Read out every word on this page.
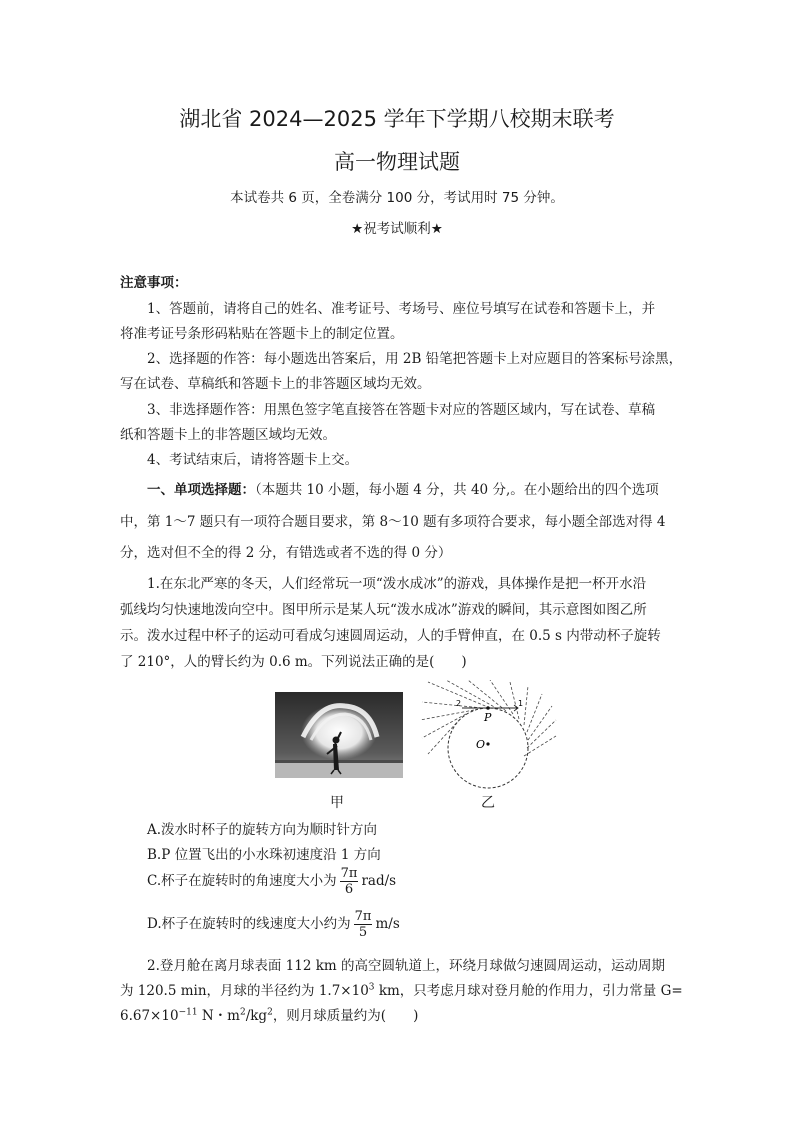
湖北省 2024—2025 学年下学期八校期末联考
高一物理试题
本试卷共 6 页，全卷满分 100 分，考试用时 75 分钟。
★祝考试顺利★
注意事项：
1、答题前，请将自己的姓名、准考证号、考场号、座位号填写在试卷和答题卡上，并
将准考证号条形码粘贴在答题卡上的制定位置。
2、选择题的作答：每小题选出答案后，用 2B 铅笔把答题卡上对应题目的答案标号涂黑，
写在试卷、草稿纸和答题卡上的非答题区域均无效。
3、非选择题作答：用黑色签字笔直接答在答题卡对应的答题区域内，写在试卷、草稿
纸和答题卡上的非答题区域均无效。
4、考试结束后，请将答题卡上交。
一、单项选择题：（本题共 10 小题，每小题 4 分，共 40 分,。在小题给出的四个选项
中，第 1～7 题只有一项符合题目要求，第 8～10 题有多项符合要求，每小题全部选对得 4
分，选对但不全的得 2 分，有错选或者不选的得 0 分）
1.在东北严寒的冬天，人们经常玩一项“泼水成冰”的游戏，具体操作是把一杯开水沿
弧线均匀快速地泼向空中。图甲所示是某人玩“泼水成冰”游戏的瞬间，其示意图如图乙所
示。泼水过程中杯子的运动可看成匀速圆周运动，人的手臂伸直，在 0.5 s 内带动杯子旋转
了 210°，人的臂长约为 0.6 m。下列说法正确的是(　　)
P
O
2	1
甲	乙
A.泼水时杯子的旋转方向为顺时针方向
B.P 位置飞出的小水珠初速度沿 1 方向
C.杯子在旋转时的角速度大小为 $\frac{7\pi}{6} rad/s$
D.杯子在旋转时的线速度大小约为 $\frac{7\pi}{5} m/s$
2.登月舱在离月球表面 112 km 的高空圆轨道上，环绕月球做匀速圆周运动，运动周期
为 120.5 min，月球的半径约为 $1.7\times 10^3$ km，只考虑月球对登月舱的作用力，引力常量 G=
$6.67\times 10^{-11}$ N・$m^2/kg^2$，则月球质量约为(　　)
